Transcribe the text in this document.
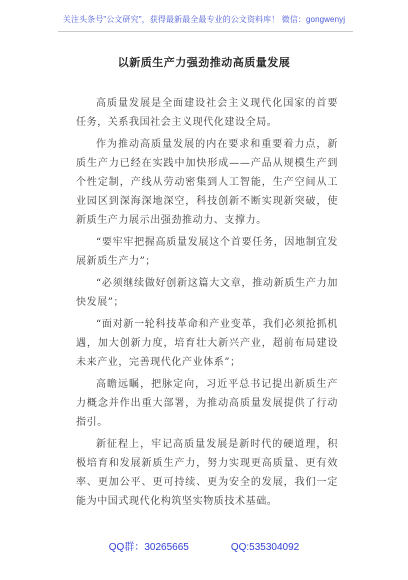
关注头条号"公文研究"，获得最新最全最专业的公文资料库！ 微信：gongwenyj
以新质生产力强劲推动高质量发展

高质量发展是全面建设社会主义现代化国家的首要任务，关系我国社会主义现代化建设全局。

作为推动高质量发展的内在要求和重要着力点，新质生产力已经在实践中加快形成——产品从规模生产到个性定制，产线从劳动密集到人工智能，生产空间从工业园区到深海深地深空，科技创新不断实现新突破，使新质生产力展示出强劲推动力、支撑力。

“要牢牢把握高质量发展这个首要任务，因地制宜发展新质生产力”；

“必须继续做好创新这篇大文章，推动新质生产力加快发展”；

“面对新一轮科技革命和产业变革，我们必须抢抓机遇，加大创新力度，培育壮大新兴产业，超前布局建设未来产业，完善现代化产业体系”；

高瞻远瞩，把脉定向，习近平总书记提出新质生产力概念并作出重大部署，为推动高质量发展提供了行动指引。

新征程上，牢记高质量发展是新时代的硬道理，积极培育和发展新质生产力，努力实现更高质量、更有效率、更加公平、更可持续、更为安全的发展，我们一定能为中国式现代化构筑坚实物质技术基础。

QQ群：30265665	QQ:535304092
